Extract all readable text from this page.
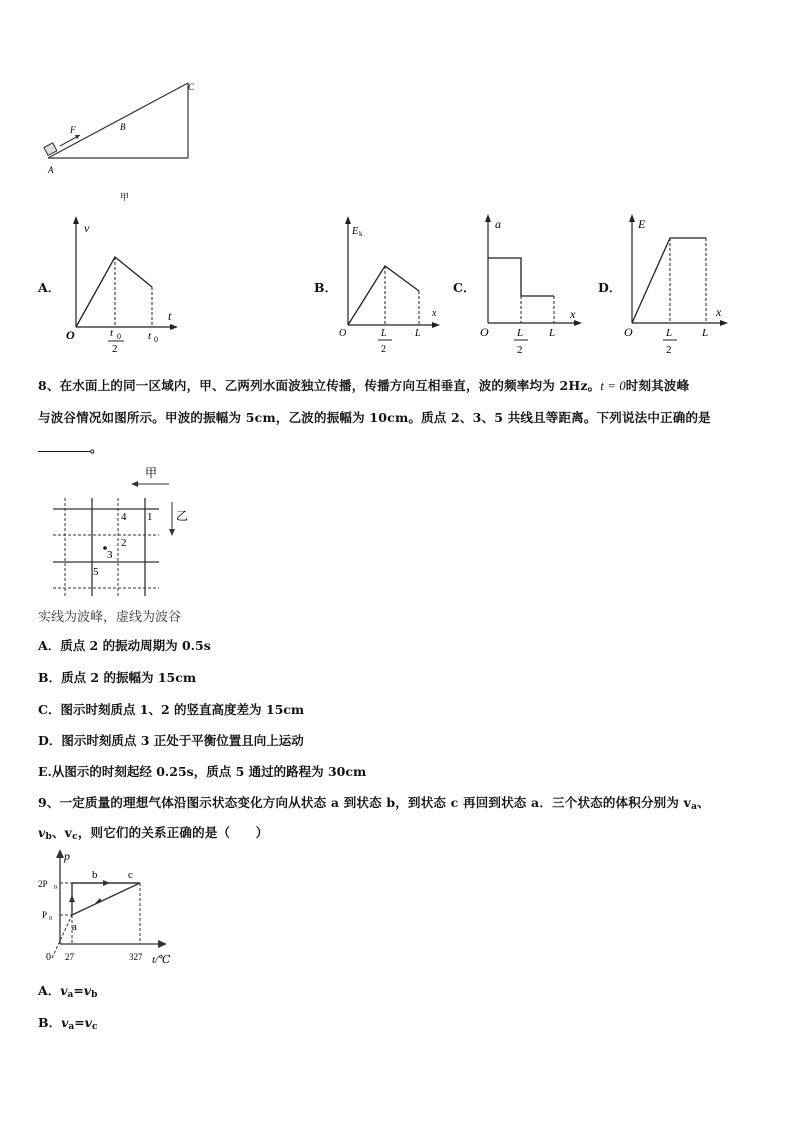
F	B
C
A
甲
A．
v
t
O	t 0
2
t 0
B．
E k
x
O	L
2
L
C．
a
x
O	L
2
L
D．
E
x
O	L
2
L
8、在水面上的同一区域内，甲、乙两列水面波独立传播，传播方向互相垂直，波的频率均为 2Hz。t = 0时刻其波峰
与波谷情况如图所示。甲波的振幅为 5cm，乙波的振幅为 10cm。质点 2、3、5 共线且等距离。下列说法中正确的是
。
甲
乙
4 1
2
3
5
实线为波峰，虚线为波谷
A．质点 2 的振动周期为 0.5s
B．质点 2 的振幅为 15cm
C．图示时刻质点 1、2 的竖直高度差为 15cm
D．图示时刻质点 3 正处于平衡位置且向上运动
E.从图示的时刻起经 0.25s，质点 5 通过的路程为 30cm
9、一定质量的理想气体沿图示状态变化方向从状态 a 到状态 b，到状态 c 再回到状态 a．三个状态的体积分别为 $v_a$、
$v_b$、$v_c$，则它们的关系正确的是（　　）
p
t/℃
a
b	c
2P 0
P 0
0 27	327
A．$v_a=v_b$
B．$v_a=v_c$
